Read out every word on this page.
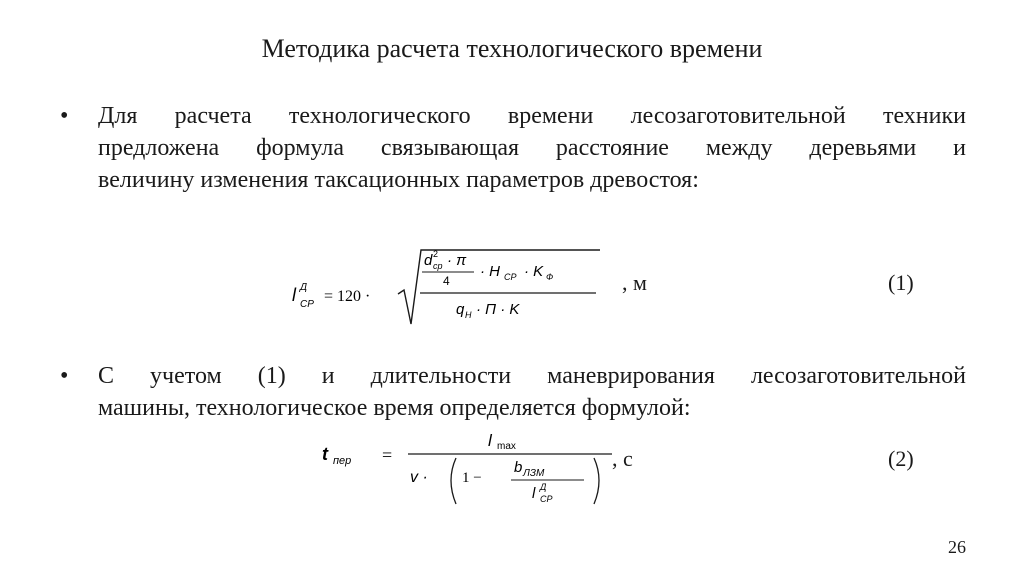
Методика расчета технологического времени
• Для расчета технологического времени лесозаготовительной техники
предложена формула связывающая расстояние между деревьями и
величину изменения таксационных параметров древостоя:
l Д
СР = 120 ·
d 2
ср · π
4
· H СР · K Ф
q Н · П · K
, м	(1)
• С учетом (1) и длительности маневрирования лесозаготовительной
машины, технологическое время определяется формулой:
t пер =
l max
v · 1 −
b ЛЗМ
l Д
СР
, с	(2)
26
